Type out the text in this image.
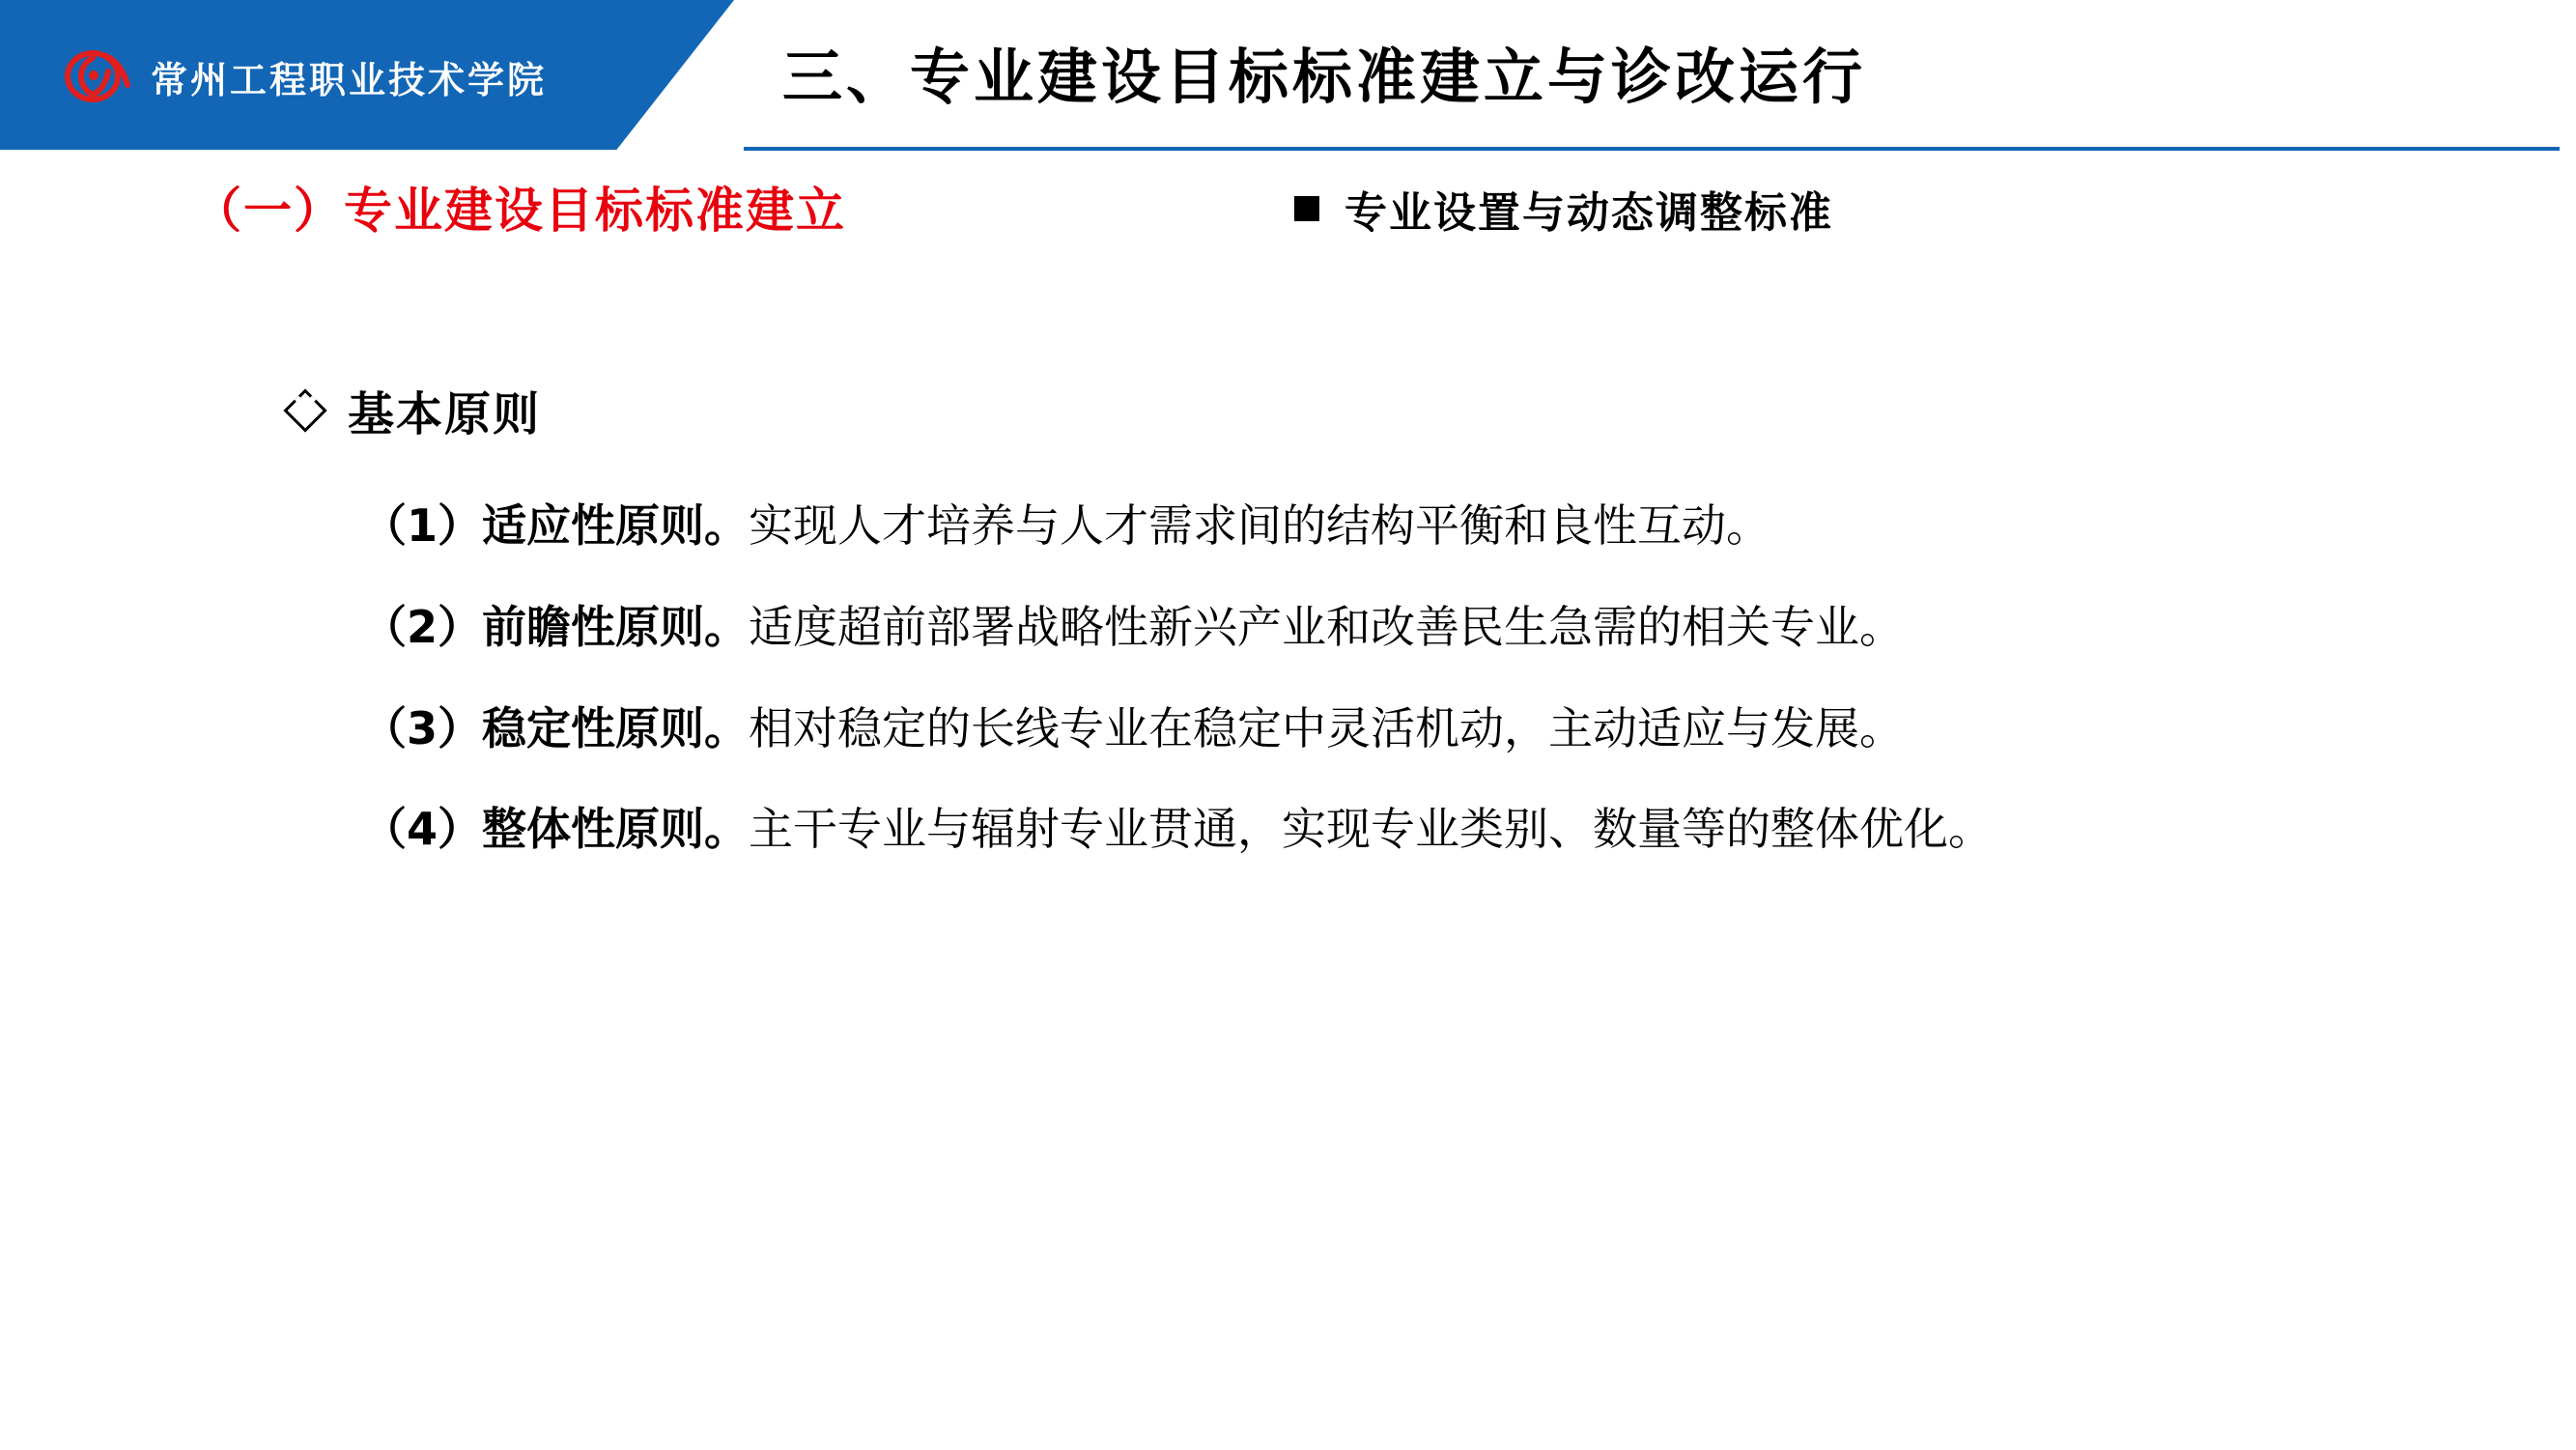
常州工程职业技术学院	三、专业建设目标标准建立与诊改运行
（一）专业建设目标标准建立	专业设置与动态调整标准
基本原则
（1）适应性原则。实现人才培养与人才需求间的结构平衡和良性互动。
（2）前瞻性原则。适度超前部署战略性新兴产业和改善民生急需的相关专业。
（3）稳定性原则。相对稳定的长线专业在稳定中灵活机动，主动适应与发展。
（4）整体性原则。主干专业与辐射专业贯通，实现专业类别、数量等的整体优化。
